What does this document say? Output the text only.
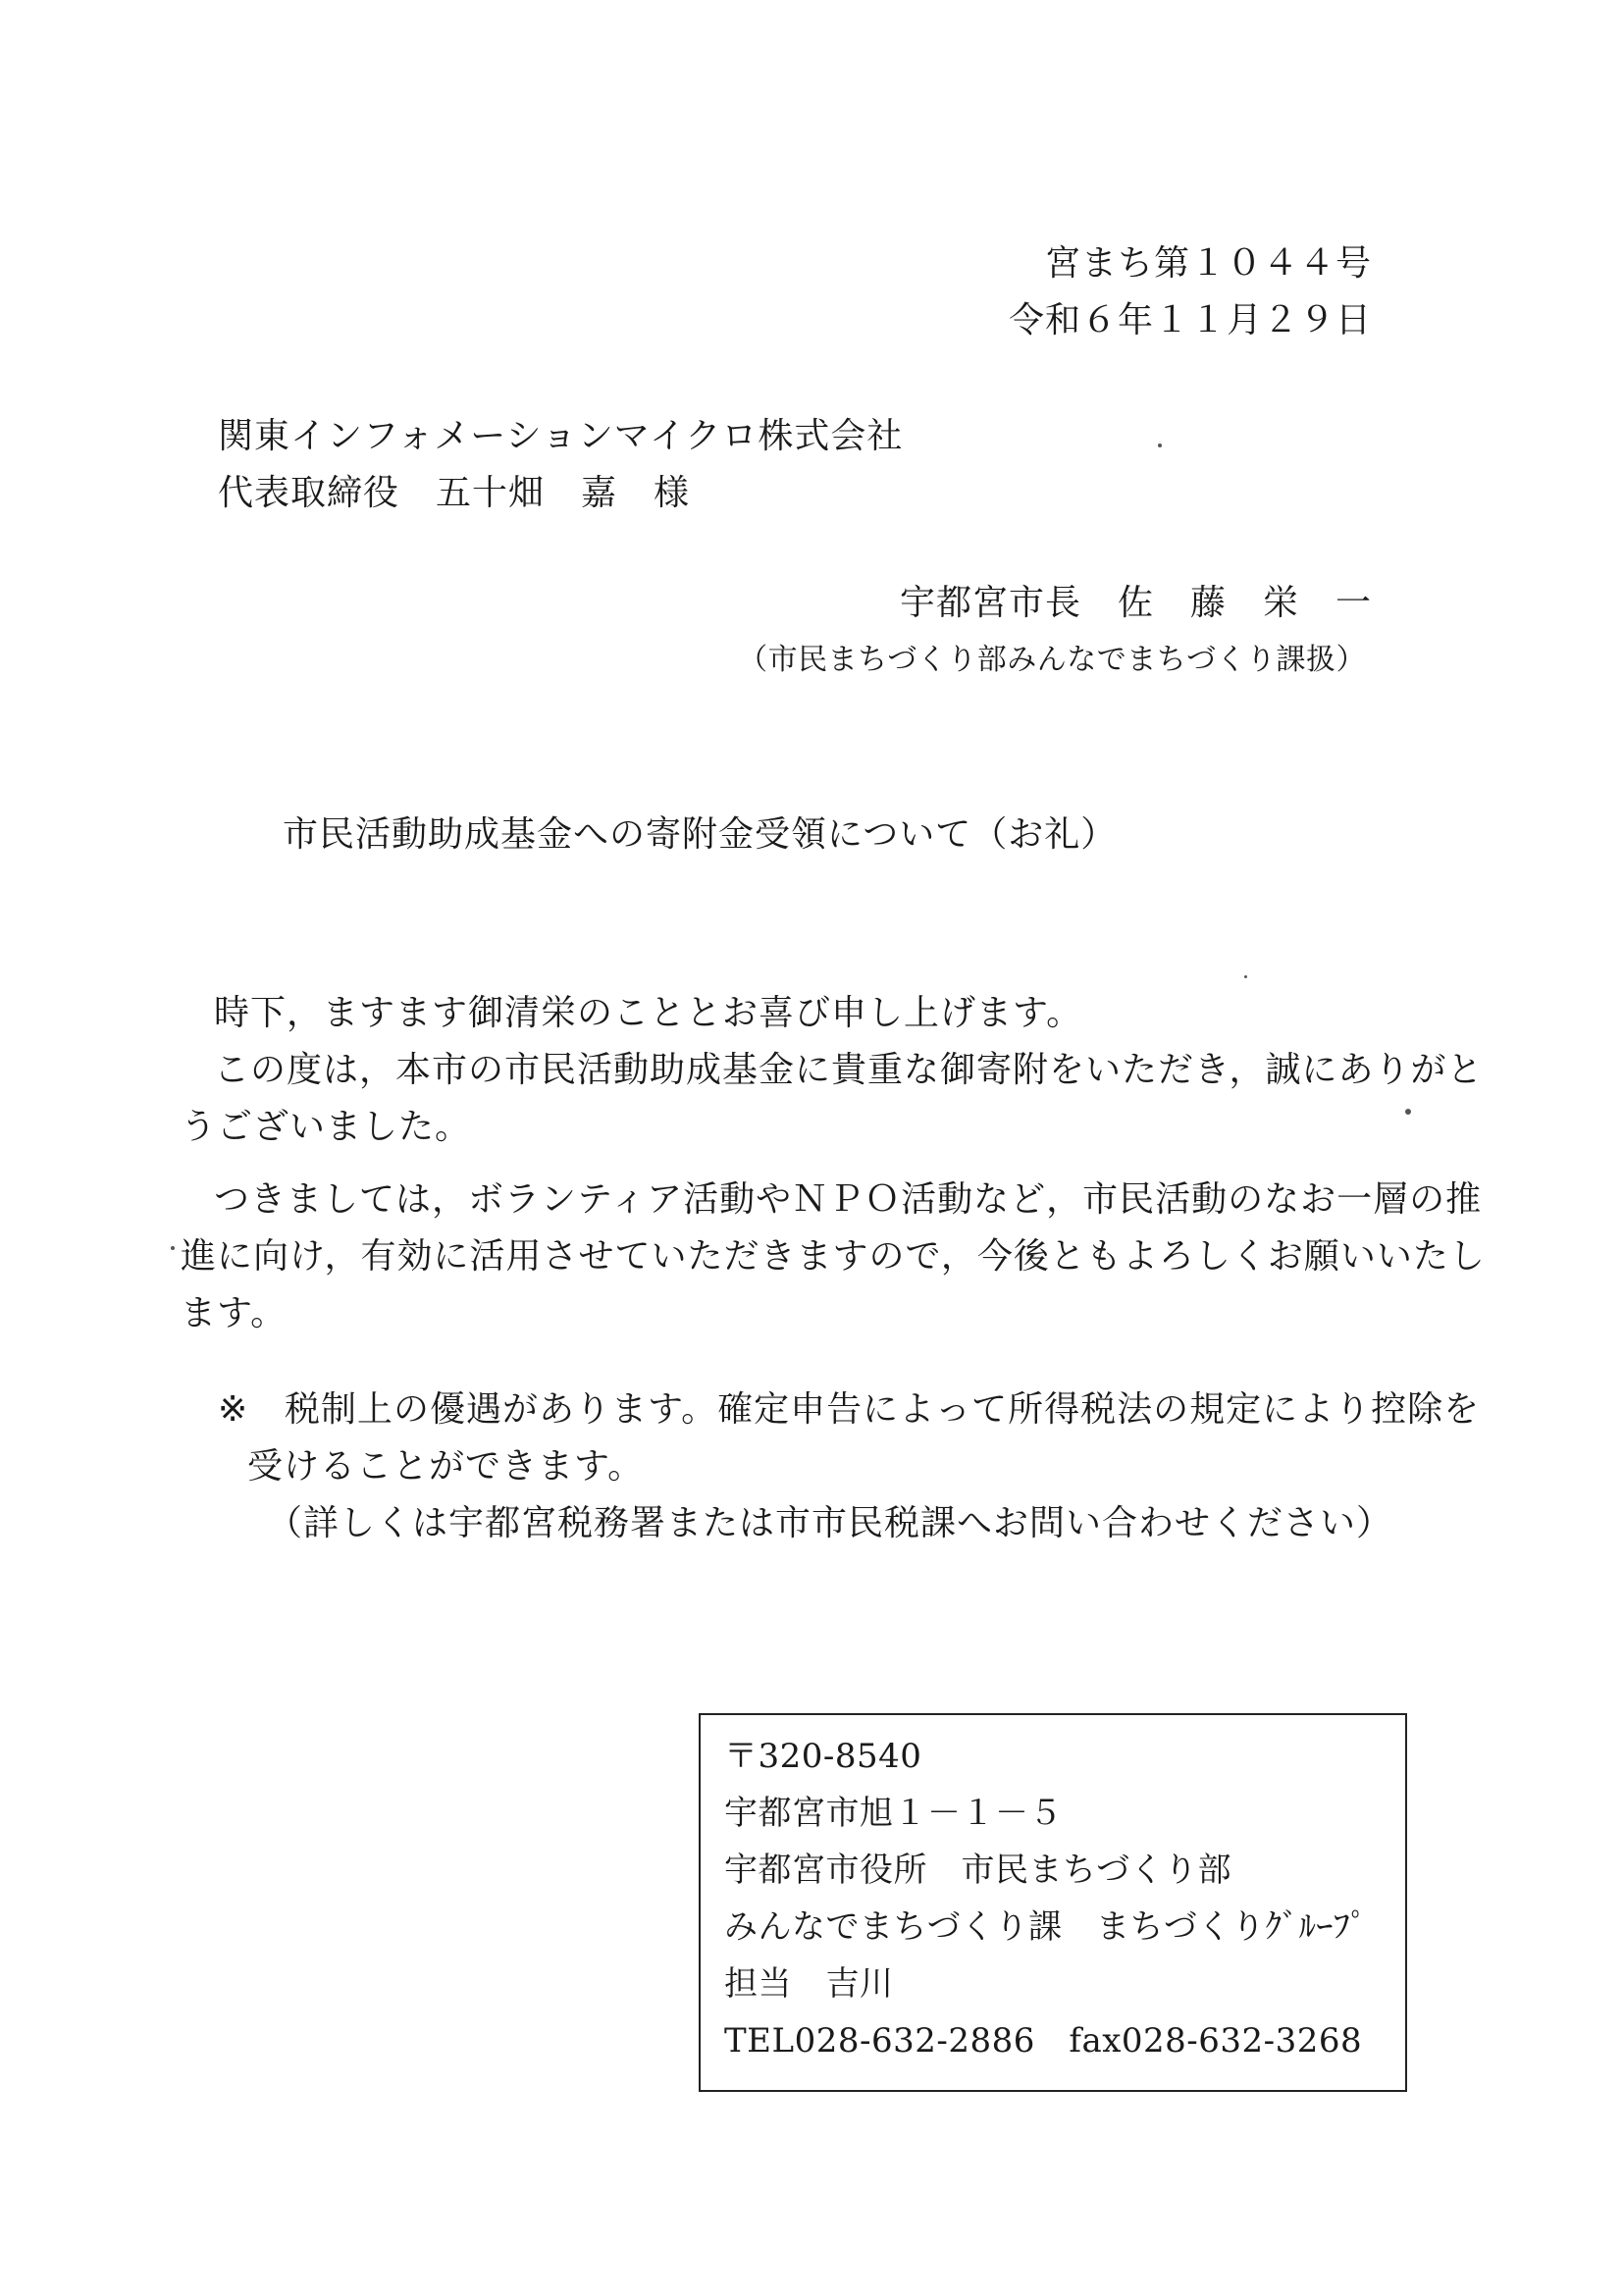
宮まち第１０４４号

令和６年１１月２９日

関東インフォメーションマイクロ株式会社

代表取締役　五十畑　嘉　様

宇都宮市長　佐　藤　栄　一

（市民まちづくり部みんなでまちづくり課扱）

市民活動助成基金への寄附金受領について（お礼）

時下，ますます御清栄のこととお喜び申し上げます。

この度は，本市の市民活動助成基金に貴重な御寄附をいただき，誠にありがと

うございました。

つきましては，ボランティア活動やＮＰＯ活動など，市民活動のなお一層の推

進に向け，有効に活用させていただきますので，今後ともよろしくお願いいたし

ます。

※ 税制上の優遇があります。確定申告によって所得税法の規定により控除を

受けることができます。

（詳しくは宇都宮税務署または市市民税課へお問い合わせください）

〒320-8540

宇都宮市旭１－１－５

宇都宮市役所　市民まちづくり部

みんなでまちづくり課　まちづくりｸﾞﾙｰﾌﾟ

担当　吉川

TEL028-632-2886　fax028-632-3268
